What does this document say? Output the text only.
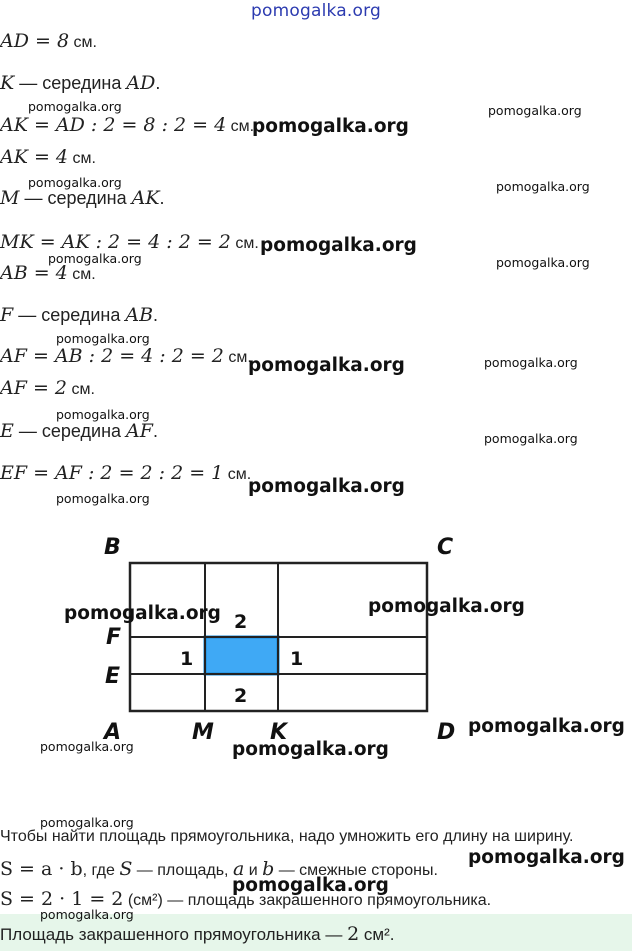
pomogalka.org
AD = 8 см.
K — середина AD.
AK = AD : 2 = 8 : 2 = 4 см.
AK = 4 см.
M — середина AK.
MK = AK : 2 = 4 : 2 = 2 см.
AB = 4 см.
F — середина AB.
AF = AB : 2 = 4 : 2 = 2 см.
AF = 2 см.
E — середина AF.
EF = AF : 2 = 2 : 2 = 1 см.
B	C
F
E
A	M	K	D
2
2
1	1
Чтобы найти площадь прямоугольника, надо умножить его длину на ширину.
S = a · b, где S — площадь, a и b — смежные стороны.
S = 2 · 1 = 2 (см²) — площадь закрашенного прямоугольника.
Площадь закрашенного прямоугольника — 2 см².
pomogalka.org	pomogalka.org
pomogalka.org
pomogalka.org	pomogalka.org
pomogalka.org
pomogalka.org	pomogalka.org
pomogalka.org
pomogalka.org
pomogalka.org
pomogalka.org
pomogalka.org
pomogalka.org
pomogalka.org
pomogalka.org	pomogalka.org
pomogalka.org
pomogalka.org	pomogalka.org
pomogalka.org
pomogalka.org
pomogalka.org
pomogalka.org
